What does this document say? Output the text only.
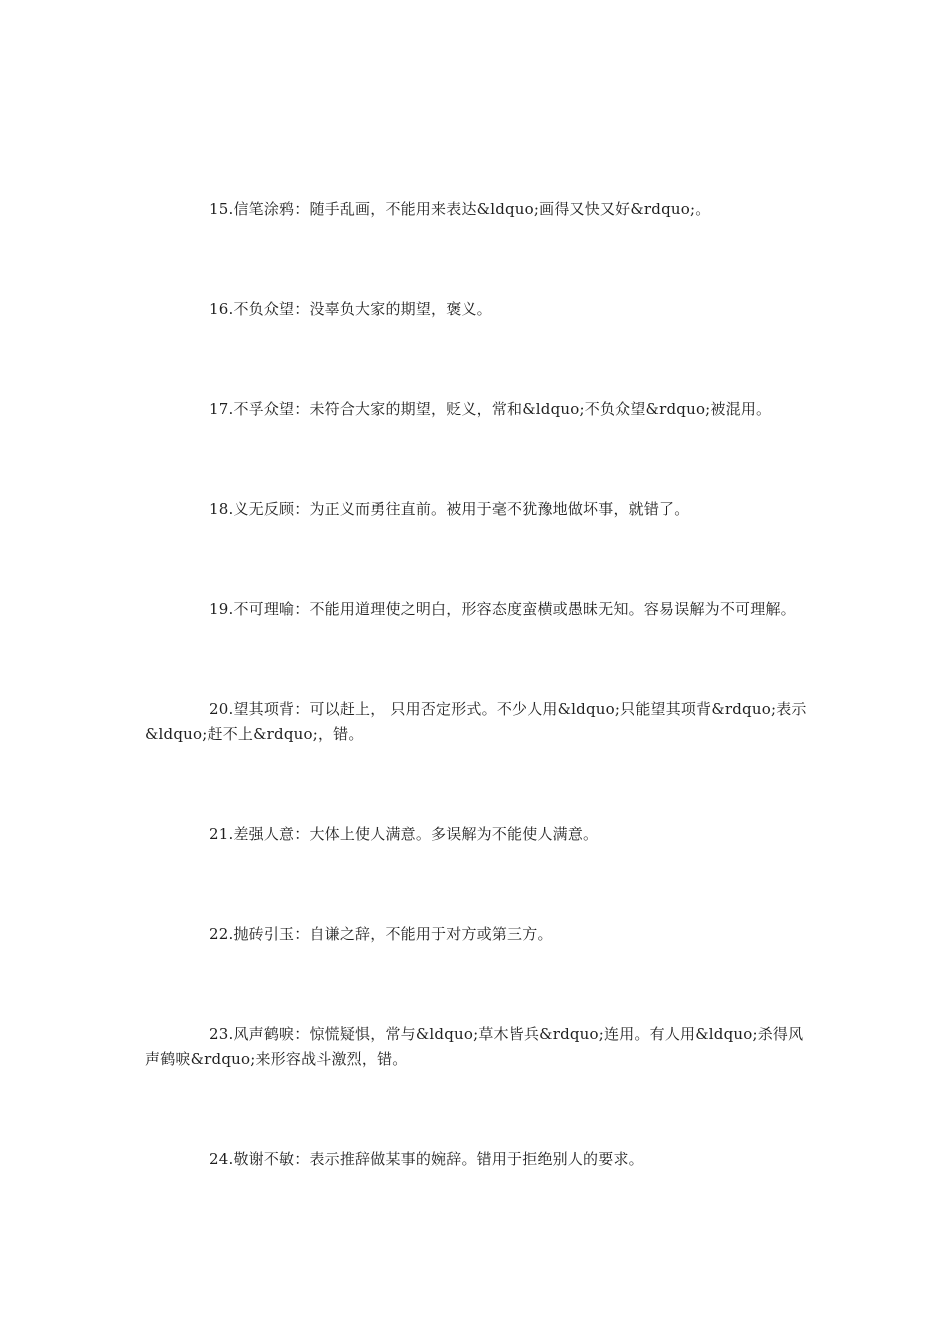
15.信笔涂鸦：随手乱画，不能用来表达&ldquo;画得又快又好&rdquo;。

16.不负众望：没辜负大家的期望，褒义。

17.不孚众望：未符合大家的期望，贬义，常和&ldquo;不负众望&rdquo;被混用。

18.义无反顾：为正义而勇往直前。被用于毫不犹豫地做坏事，就错了。

19.不可理喻：不能用道理使之明白，形容态度蛮横或愚昧无知。容易误解为不可理解。

20.望其项背：可以赶上， 只用否定形式。不少人用&ldquo;只能望其项背&rdquo;表示&ldquo;赶不上&rdquo;，错。

21.差强人意：大体上使人满意。多误解为不能使人满意。

22.抛砖引玉：自谦之辞，不能用于对方或第三方。

23.风声鹤唳：惊慌疑惧，常与&ldquo;草木皆兵&rdquo;连用。有人用&ldquo;杀得风声鹤唳&rdquo;来形容战斗激烈，错。

24.敬谢不敏：表示推辞做某事的婉辞。错用于拒绝别人的要求。
